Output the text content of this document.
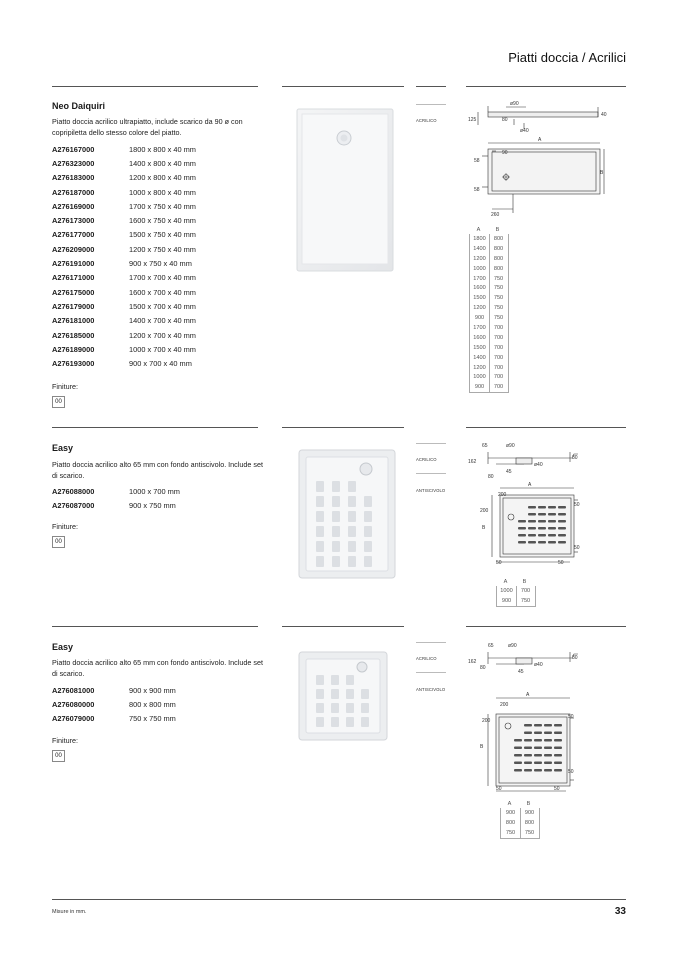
Piatti doccia / Acrilici
Neo Daiquiri
Piatto doccia acrilico ultrapiatto, include scarico da 90 ø con copripiletta dello stesso colore del piatto.
A276167000	1800 x 800 x 40 mm
A276323000	1400 x 800 x 40 mm
A276183000	1200 x 800 x 40 mm
A276187000	1000 x 800 x 40 mm
A276169000	1700 x 750 x 40 mm
A276173000	1600 x 750 x 40 mm
A276177000	1500 x 750 x 40 mm
A276209000	1200 x 750 x 40 mm
A276191000	900 x 750 x 40 mm
A276171000	1700 x 700 x 40 mm
A276175000	1600 x 700 x 40 mm
A276179000	1500 x 700 x 40 mm
A276181000	1400 x 700 x 40 mm
A276185000	1200 x 700 x 40 mm
A276189000	1000 x 700 x 40 mm
A276193000	900 x 700 x 40 mm
Finiture:
00
ACRILICO
ø90
125	80
40
ø40
A
B
90
58
58
260
A	B
1800	800
1400	800
1200	800
1000	800
1700	750
1600	750
1500	750
1200	750
900	750
1700	700
1600	700
1500	700
1400	700
1200	700
1000	700
900	700
Easy
Piatto doccia acrilico alto 65 mm con fondo antiscivolo. Include set di scarico.
A276088000	1000 x 700 mm
A276087000	900 x 750 mm
Finiture:
00
ACRILICO
ANTISCIVOLO
65	ø90
162
30
45
ø40
80
A
B
200
200
50
50
50	50
A	B
1000	700
900	750
Easy
Piatto doccia acrilico alto 65 mm con fondo antiscivolo. Include set di scarico.
A276081000	900 x 900 mm
A276080000	800 x 800 mm
A276079000	750 x 750 mm
Finiture:
00
ACRILICO
ANTISCIVOLO
65	ø90
162
30
45
ø40
80
A
B
200
200
50
50
50	50
A	B
900	900
800	800
750	750
Misure in mm.	33
